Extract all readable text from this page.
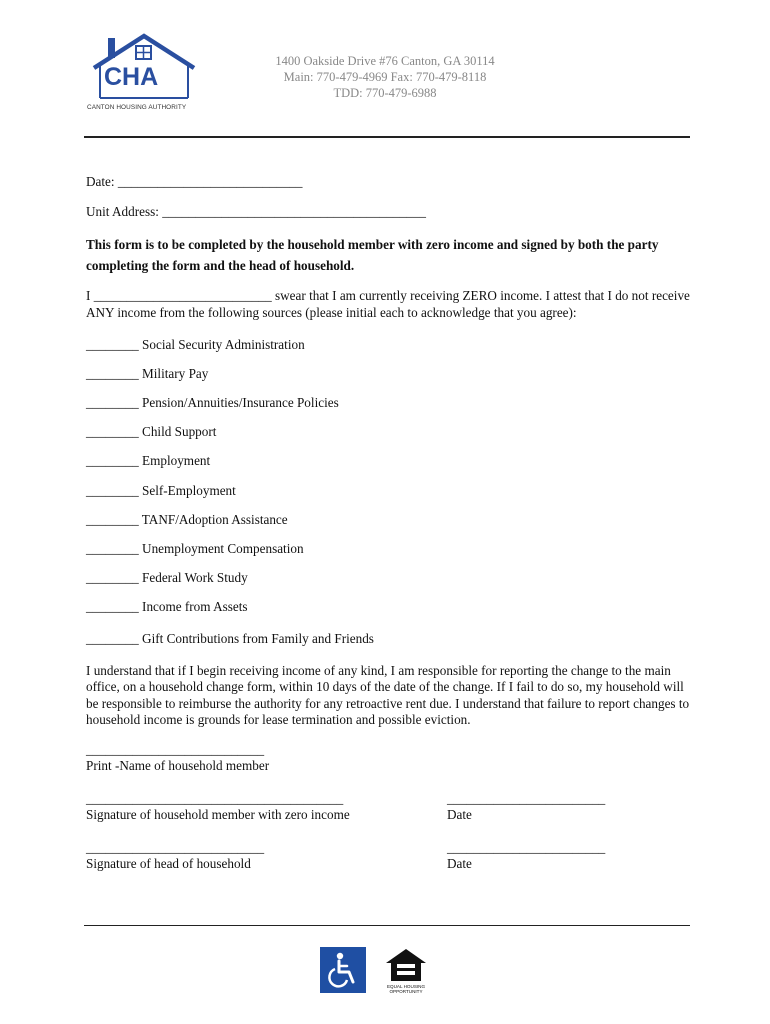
CHA
CANTON HOUSING AUTHORITY
1400 Oakside Drive #76 Canton, GA 30114
Main: 770-479-4969 Fax: 770-479-8118
TDD: 770-479-6988
Date: ____________________________
Unit Address: ________________________________________
This form is to be completed by the household member with zero income and signed by both the party completing the form and the head of household.
I ___________________________ swear that I am currently receiving ZERO income. I attest that I do not receive ANY income from the following sources (please initial each to acknowledge that you agree):
________ Social Security Administration
________ Military Pay
________ Pension/Annuities/Insurance Policies
________ Child Support
________ Employment
________ Self-Employment
________ TANF/Adoption Assistance
________ Unemployment Compensation
________ Federal Work Study
________ Income from Assets
________ Gift Contributions from Family and Friends
I understand that if I begin receiving income of any kind, I am responsible for reporting the change to the main office, on a household change form, within 10 days of the date of the change. If I fail to do so, my household will be responsible to reimburse the authority for any retroactive rent due. I understand that failure to report changes to household income is grounds for lease termination and possible eviction.
___________________________
Print -Name of household member
_______________________________________
Signature of household member with zero income
________________________
Date
___________________________
Signature of head of household
________________________
Date
EQUAL HOUSING
OPPORTUNITY
